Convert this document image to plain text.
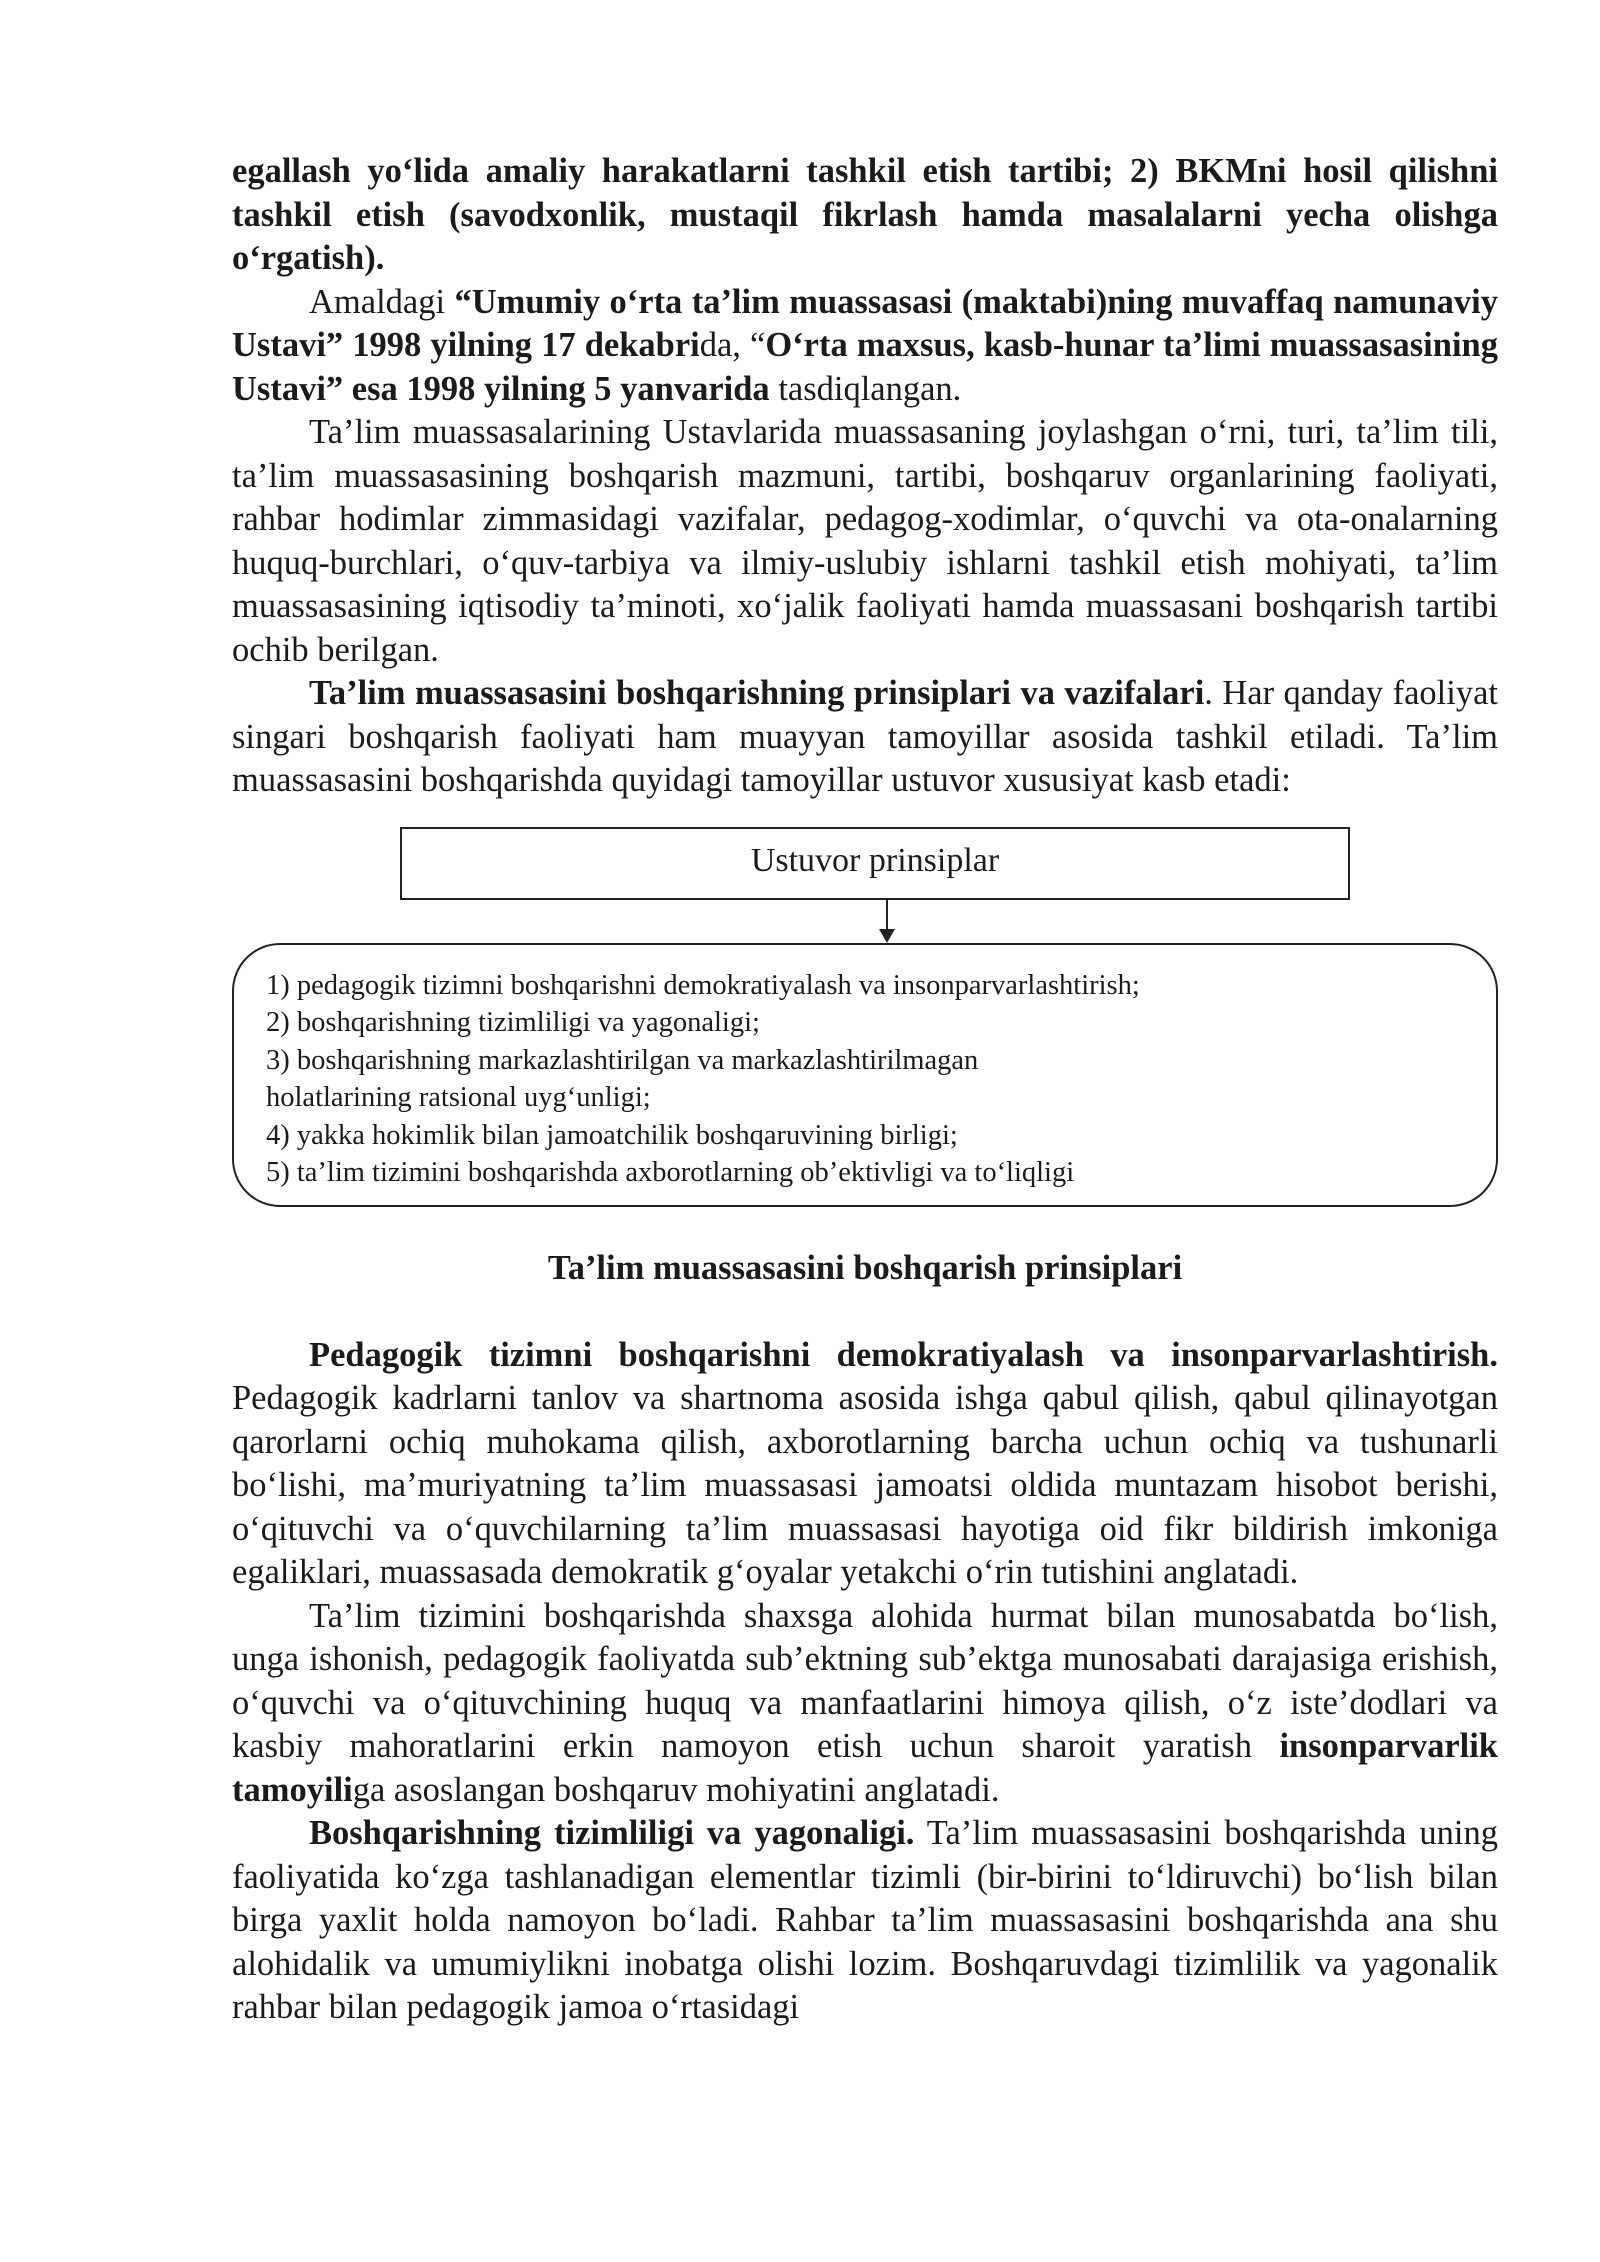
egallash yo‘lida amaliy harakatlarni tashkil etish tartibi; 2) BKMni hosil qilishni tashkil etish (savodxonlik, mustaqil fikrlash hamda masalalarni yecha olishga o‘rgatish).

Amaldagi “Umumiy o‘rta ta’lim muassasasi (maktabi)ning muvaffaq namunaviy Ustavi” 1998 yilning 17 dekabrida, “O‘rta maxsus, kasb-hunar ta’limi muassasasining Ustavi” esa 1998 yilning 5 yanvarida tasdiqlangan.

Ta’lim muassasalarining Ustavlarida muassasaning joylashgan o‘rni, turi, ta’lim tili, ta’lim muassasasining boshqarish mazmuni, tartibi, boshqaruv organlarining faoliyati, rahbar hodimlar zimmasidagi vazifalar, pedagog-xodimlar, o‘quvchi va ota-onalarning huquq-burchlari, o‘quv-tarbiya va ilmiy-uslubiy ishlarni tashkil etish mohiyati, ta’lim muassasasining iqtisodiy ta’minoti, xo‘jalik faoliyati hamda muassasani boshqarish tartibi ochib berilgan.

Ta’lim muassasasini boshqarishning prinsiplari va vazifalari. Har qanday faoliyat singari boshqarish faoliyati ham muayyan tamoyillar asosida tashkil etiladi. Ta’lim muassasasini boshqarishda quyidagi tamoyillar ustuvor xususiyat kasb etadi:

Ustuvor prinsiplar
1) pedagogik tizimni boshqarishni demokratiyalash va insonparvarlashtirish;
2) boshqarishning tizimliligi va yagonaligi;
3) boshqarishning markazlashtirilgan va markazlashtirilmagan
holatlarining ratsional uyg‘unligi;
4) yakka hokimlik bilan jamoatchilik boshqaruvining birligi;
5) ta’lim tizimini boshqarishda axborotlarning ob’ektivligi va to‘liqligi

Ta’lim muassasasini boshqarish prinsiplari

Pedagogik tizimni boshqarishni demokratiyalash va insonparvarlashtirish. Pedagogik kadrlarni tanlov va shartnoma asosida ishga qabul qilish, qabul qilinayotgan qarorlarni ochiq muhokama qilish, axborotlarning barcha uchun ochiq va tushunarli bo‘lishi, ma’muriyatning ta’lim muassasasi jamoatsi oldida muntazam hisobot berishi, o‘qituvchi va o‘quvchilarning ta’lim muassasasi hayotiga oid fikr bildirish imkoniga egaliklari, muassasada demokratik g‘oyalar yetakchi o‘rin tutishini anglatadi.

Ta’lim tizimini boshqarishda shaxsga alohida hurmat bilan munosabatda bo‘lish, unga ishonish, pedagogik faoliyatda sub’ektning sub’ektga munosabati darajasiga erishish, o‘quvchi va o‘qituvchining huquq va manfaatlarini himoya qilish, o‘z iste’dodlari va kasbiy mahoratlarini erkin namoyon etish uchun sharoit yaratish insonparvarlik tamoyiliga asoslangan boshqaruv mohiyatini anglatadi.

Boshqarishning tizimliligi va yagonaligi. Ta’lim muassasasini boshqarishda uning faoliyatida ko‘zga tashlanadigan elementlar tizimli (bir-birini to‘ldiruvchi) bo‘lish bilan birga yaxlit holda namoyon bo‘ladi. Rahbar ta’lim muassasasini boshqarishda ana shu alohidalik va umumiylikni inobatga olishi lozim. Boshqaruvdagi tizimlilik va yagonalik rahbar bilan pedagogik jamoa o‘rtasidagi
